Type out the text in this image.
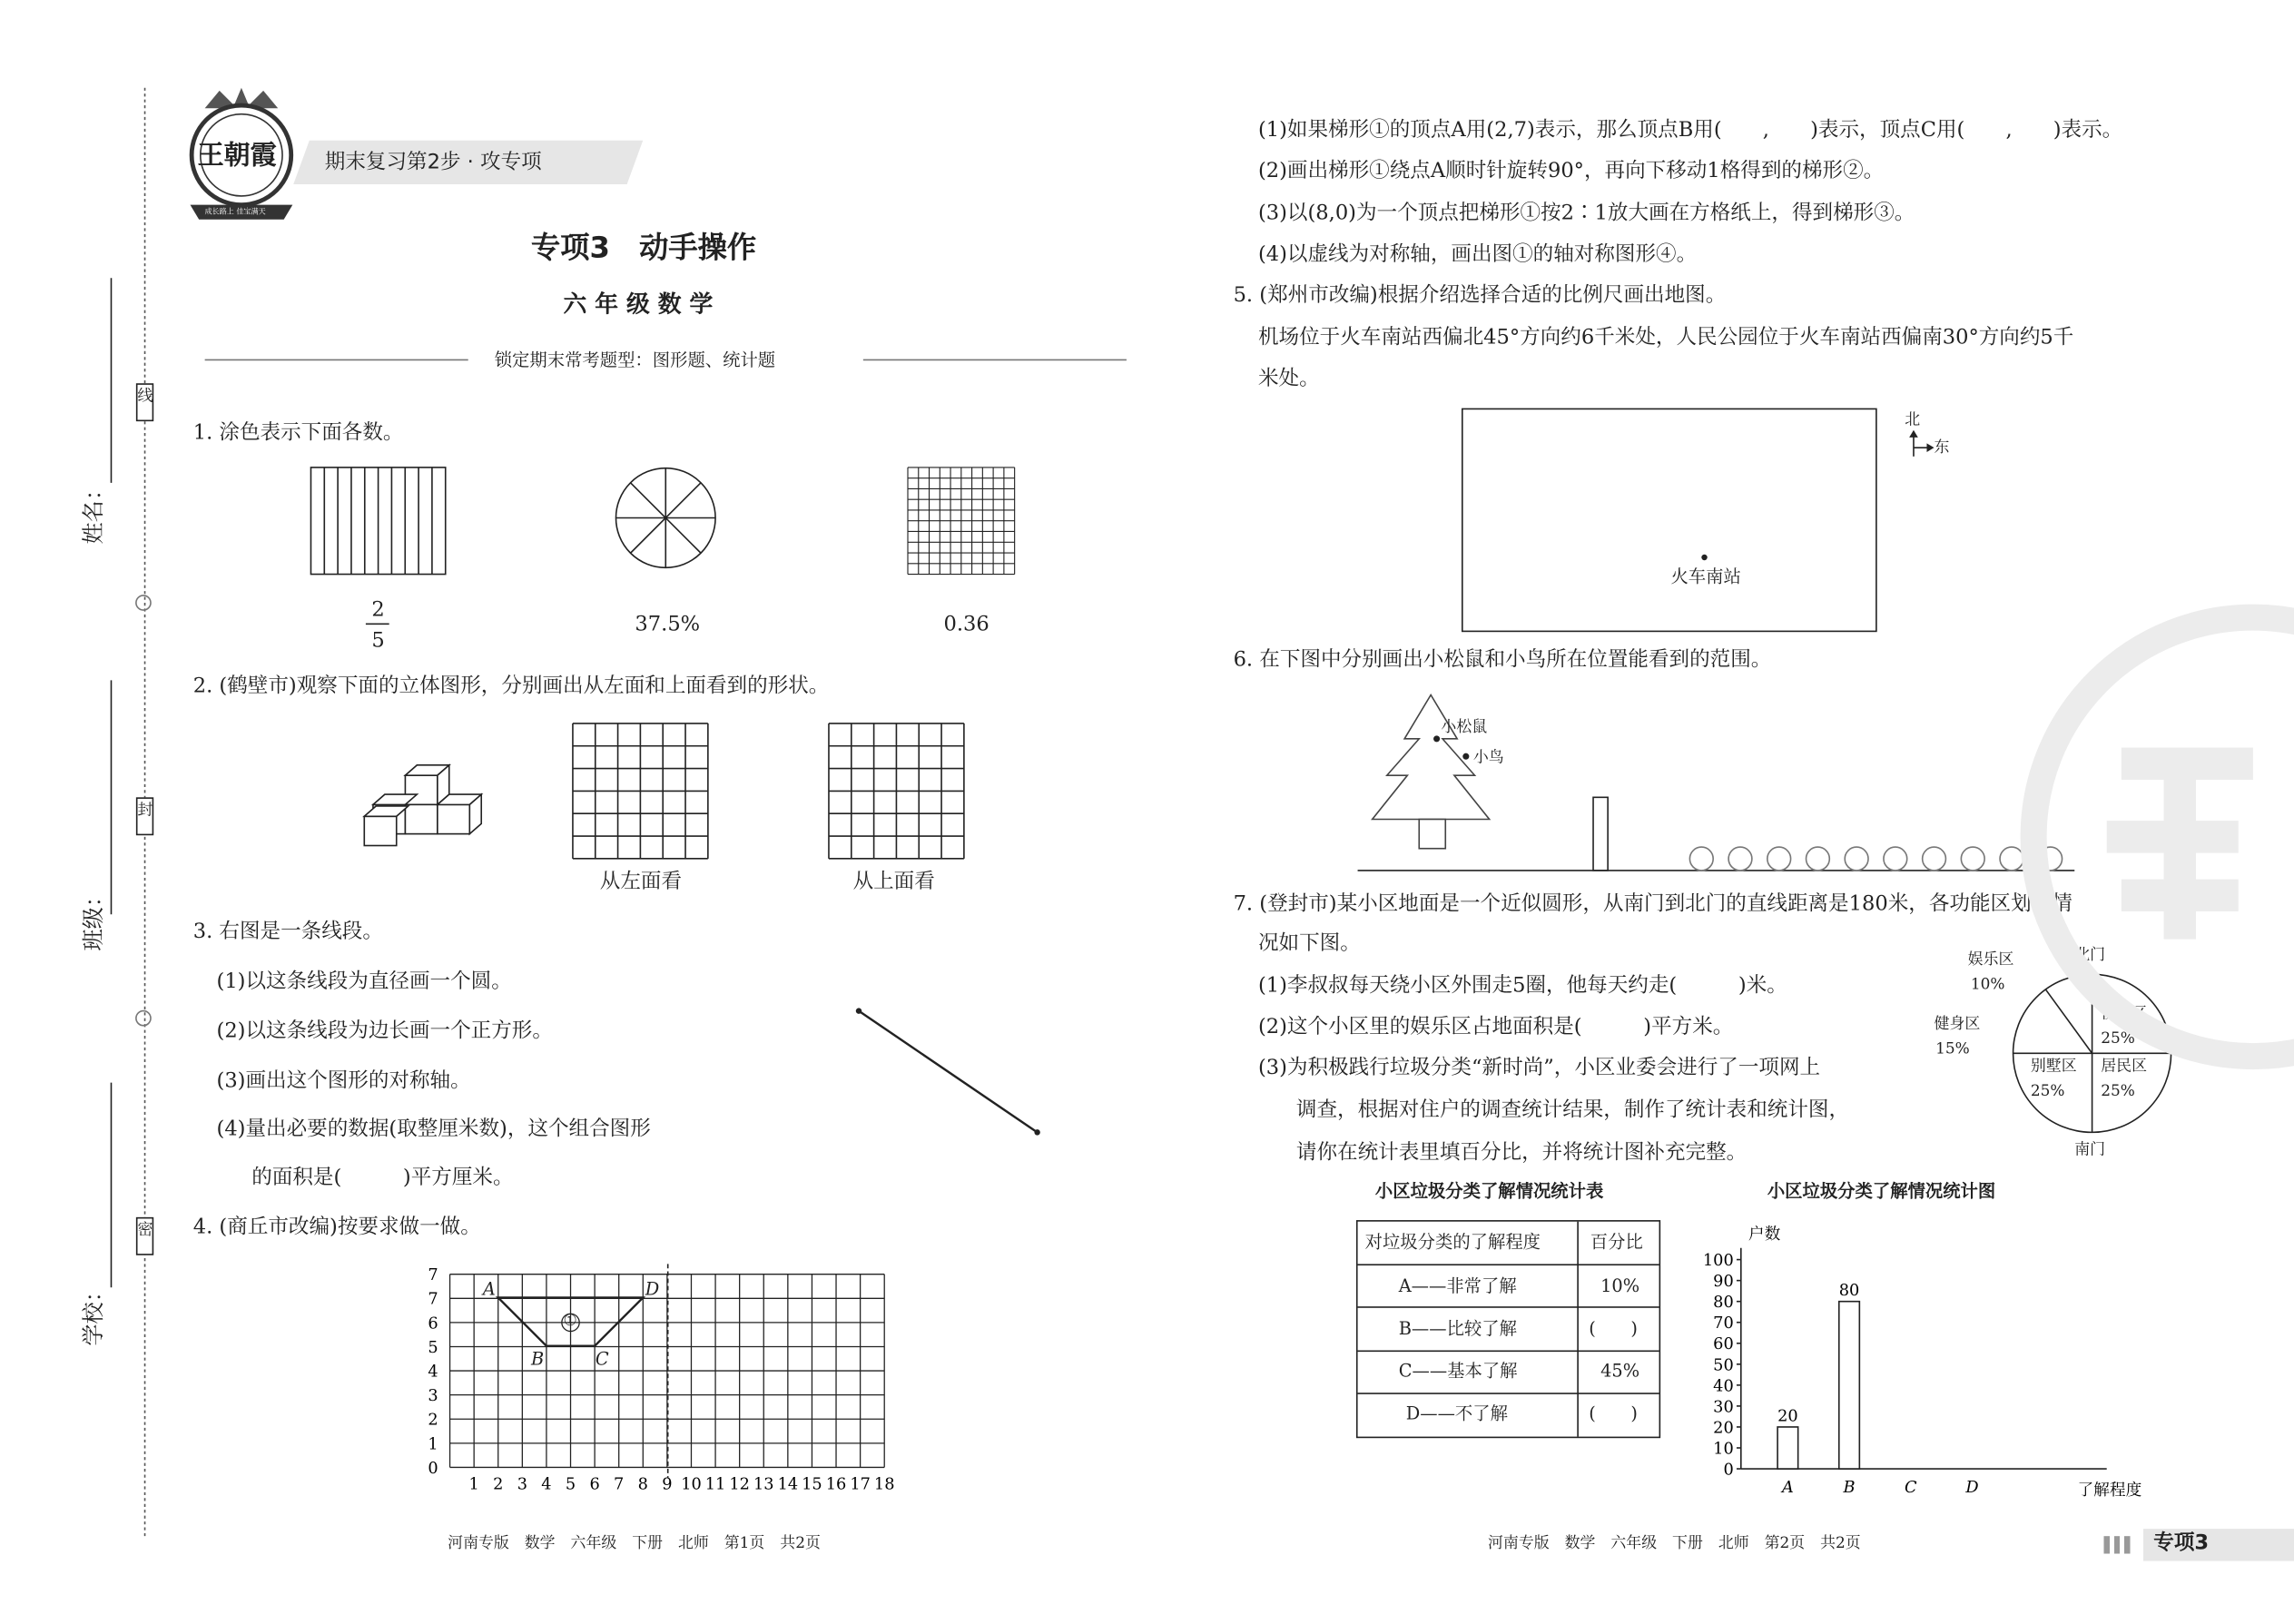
姓名：
班级：
学校：
线
封
密
王朝霞
成长路上 佳宝满天
期末复习第2步 · 攻专项
专项3　动手操作
六 年 级 数 学
锁定期末常考题型：图形题、统计题
1. 涂色表示下面各数。
2
5
37.5%	0.36
2. (鹤壁市)观察下面的立体图形，分别画出从左面和上面看到的形状。
从左面看	从上面看
3. 右图是一条线段。
(1)以这条线段为直径画一个圆。
(2)以这条线段为边长画一个正方形。
(3)画出这个图形的对称轴。
(4)量出必要的数据(取整厘米数)，这个组合图形
的面积是(　　　)平方厘米。
4. (商丘市改编)按要求做一做。
0
1
2
3
4
5
6
7
7
1 2 3 4 5 6 7 8 9 10 11 12 13 14 15 16 17 18
A	D
B	C
①
(1)如果梯形①的顶点A用(2,7)表示，那么顶点B用(　　,　　)表示，顶点C用(　　,　　)表示。
(2)画出梯形①绕点A顺时针旋转90°，再向下移动1格得到的梯形②。
(3)以(8,0)为一个顶点把梯形①按2∶1放大画在方格纸上，得到梯形③。
(4)以虚线为对称轴，画出图①的轴对称图形④。
5. (郑州市改编)根据介绍选择合适的比例尺画出地图。
机场位于火车南站西偏北45°方向约6千米处，人民公园位于火车南站西偏南30°方向约5千
米处。
火车南站
北
东
6. 在下图中分别画出小松鼠和小鸟所在位置能看到的范围。
小松鼠
小鸟
7. (登封市)某小区地面是一个近似圆形，从南门到北门的直线距离是180米，各功能区划分情
况如下图。
(1)李叔叔每天绕小区外围走5圈，他每天约走(　　　)米。
(2)这个小区里的娱乐区占地面积是(　　　)平方米。
(3)为积极践行垃圾分类“新时尚”，小区业委会进行了一项网上
调查，根据对住户的调查统计结果，制作了统计表和统计图，
请你在统计表里填百分比，并将统计图补充完整。
北门
娱乐区
10%
健身区
15%
便民区
25%
别墅区
25%
居民区
25%
南门
小区垃圾分类了解情况统计表
对垃圾分类的了解程度	百分比
A——非常了解	10%
B——比较了解	(　　)
C——基本了解	45%
D——不了解	(　　)
小区垃圾分类了解情况统计图
0
10
20
30
40
50
60
70
80
90
100
户数
了解程度
20
A
80
B	C	D
河南专版　数学　六年级　下册　北师　第1页　共2页	河南专版　数学　六年级　下册　北师　第2页　共2页	专项3
